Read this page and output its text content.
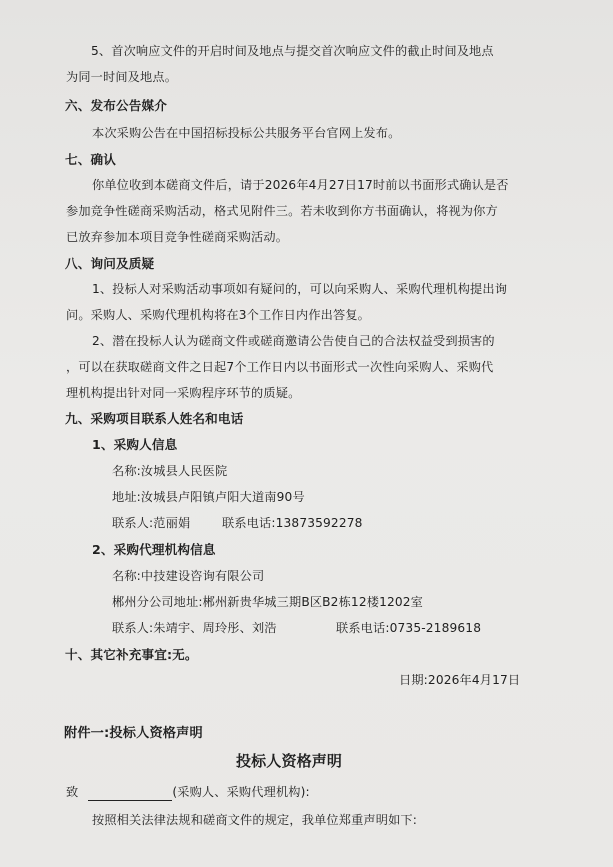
5、首次响应文件的开启时间及地点与提交首次响应文件的截止时间及地点
为同一时间及地点。
六、发布公告媒介
本次采购公告在中国招标投标公共服务平台官网上发布。
七、确认
你单位收到本磋商文件后，请于2026年4月27日17时前以书面形式确认是否
参加竞争性磋商采购活动，格式见附件三。若未收到你方书面确认，将视为你方
已放弃参加本项目竞争性磋商采购活动。
八、询问及质疑
1、投标人对采购活动事项如有疑问的，可以向采购人、采购代理机构提出询
问。采购人、采购代理机构将在3个工作日内作出答复。
2、潜在投标人认为磋商文件或磋商邀请公告使自己的合法权益受到损害的
，可以在获取磋商文件之日起7个工作日内以书面形式一次性向采购人、采购代
理机构提出针对同一采购程序环节的质疑。
九、采购项目联系人姓名和电话
1、采购人信息
名称:汝城县人民医院
地址:汝城县卢阳镇卢阳大道南90号
联系人:范丽娟	联系电话:13873592278
2、采购代理机构信息
名称:中技建设咨询有限公司
郴州分公司地址:郴州新贵华城三期B区B2栋12楼1202室
联系人:朱靖宇、周玲彤、刘浩	联系电话:0735-2189618
十、其它补充事宜:无。
日期:2026年4月17日
附件一:投标人资格声明
投标人资格声明
致	(采购人、采购代理机构):
按照相关法律法规和磋商文件的规定，我单位郑重声明如下:
